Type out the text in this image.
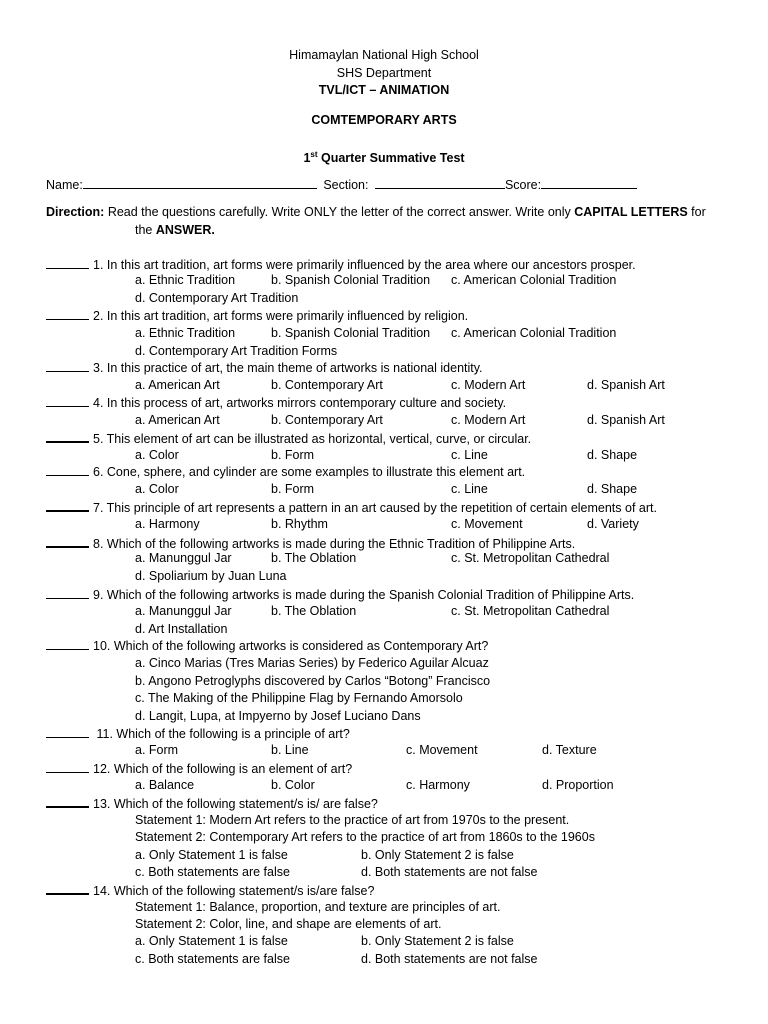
Himamaylan National High School
SHS Department
TVL/ICT – ANIMATION
COMTEMPORARY ARTS
1st Quarter Summative Test
Name:	Section:	Score:
Direction: Read the questions carefully. Write ONLY the letter of the correct answer. Write only CAPITAL LETTERS for
the ANSWER.
1. In this art tradition, art forms were primarily influenced by the area where our ancestors prosper.
a. Ethnic Tradition	b. Spanish Colonial Tradition c. American Colonial Tradition
d. Contemporary Art Tradition
2. In this art tradition, art forms were primarily influenced by religion.
a. Ethnic Tradition	b. Spanish Colonial Tradition c. American Colonial Tradition
d. Contemporary Art Tradition Forms
3. In this practice of art, the main theme of artworks is national identity.
a. American Art	b. Contemporary Art	c. Modern Art	d. Spanish Art
4. In this process of art, artworks mirrors contemporary culture and society.
a. American Art	b. Contemporary Art	c. Modern Art	d. Spanish Art
5. This element of art can be illustrated as horizontal, vertical, curve, or circular.
a. Color	b. Form	c. Line	d. Shape
6. Cone, sphere, and cylinder are some examples to illustrate this element art.
a. Color	b. Form	c. Line	d. Shape
7. This principle of art represents a pattern in an art caused by the repetition of certain elements of art.
a. Harmony	b. Rhythm	c. Movement	d. Variety
8. Which of the following artworks is made during the Ethnic Tradition of Philippine Arts.
a. Manunggul Jar	b. The Oblation	c. St. Metropolitan Cathedral
d. Spoliarium by Juan Luna
9. Which of the following artworks is made during the Spanish Colonial Tradition of Philippine Arts.
a. Manunggul Jar	b. The Oblation	c. St. Metropolitan Cathedral
d. Art Installation
10. Which of the following artworks is considered as Contemporary Art?
a. Cinco Marias (Tres Marias Series) by Federico Aguilar Alcuaz
b. Angono Petroglyphs discovered by Carlos “Botong” Francisco
c. The Making of the Philippine Flag by Fernando Amorsolo
d. Langit, Lupa, at Impyerno by Josef Luciano Dans
11. Which of the following is a principle of art?
a. Form	b. Line	c. Movement	d. Texture
12. Which of the following is an element of art?
a. Balance	b. Color	c. Harmony	d. Proportion
13. Which of the following statement/s is/ are false?
Statement 1: Modern Art refers to the practice of art from 1970s to the present.
Statement 2: Contemporary Art refers to the practice of art from 1860s to the 1960s
a. Only Statement 1 is false	b. Only Statement 2 is false
c. Both statements are false	d. Both statements are not false
14. Which of the following statement/s is/are false?
Statement 1: Balance, proportion, and texture are principles of art.
Statement 2: Color, line, and shape are elements of art.
a. Only Statement 1 is false	b. Only Statement 2 is false
c. Both statements are false	d. Both statements are not false
